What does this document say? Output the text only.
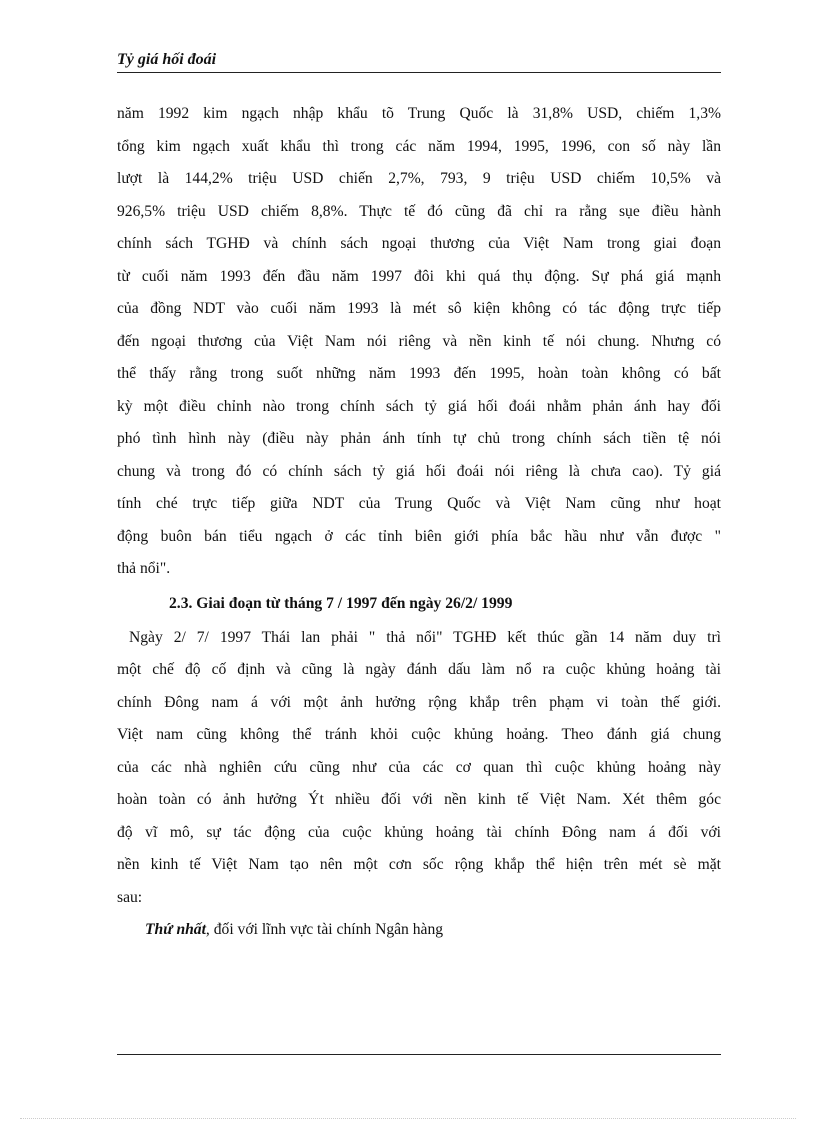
Tỷ giá hối đoái
năm 1992 kim ngạch nhập khẩu tõ Trung Quốc là 31,8% USD, chiếm 1,3%
tổng kim ngạch xuất khẩu thì trong các năm 1994, 1995, 1996, con số này lần
lượt là 144,2% triệu USD chiến 2,7%, 793, 9 triệu USD chiếm 10,5% và
926,5% triệu USD chiếm 8,8%. Thực tế đó cũng đã chỉ ra rằng sụe điều hành
chính sách TGHĐ và chính sách ngoại thương của Việt Nam trong giai đoạn
từ cuối năm 1993 đến đầu năm 1997 đôi khi quá thụ động. Sự phá giá mạnh
của đồng NDT vào cuối năm 1993 là mét sô kiện không có tác động trực tiếp
đến ngoại thương của Việt Nam nói riêng và nền kinh tế nói chung. Nhưng có
thể thấy rằng trong suốt những năm 1993 đến 1995, hoàn toàn không có bất
kỳ một điều chỉnh nào trong chính sách tỷ giá hối đoái nhằm phản ánh hay đối
phó tình hình này (điều này phản ánh tính tự chủ trong chính sách tiền tệ nói
chung và trong đó có chính sách tỷ giá hối đoái nói riêng là chưa cao). Tỷ giá
tính ché trực tiếp giữa NDT của Trung Quốc và Việt Nam cũng như hoạt
động buôn bán tiểu ngạch ở các tỉnh biên giới phía bắc hầu như vẫn được "
thả nổi".
2.3. Giai đoạn từ tháng 7 / 1997 đến ngày 26/2/ 1999
Ngày 2/ 7/ 1997 Thái lan phải " thả nổi" TGHĐ kết thúc gần 14 năm duy trì
một chế độ cố định và cũng là ngày đánh dấu làm nổ ra cuộc khủng hoảng tài
chính Đông nam á với một ảnh hưởng rộng khắp trên phạm vi toàn thế giới.
Việt nam cũng không thể tránh khỏi cuộc khủng hoảng. Theo đánh giá chung
của các nhà nghiên cứu cũng như của các cơ quan thì cuộc khủng hoảng này
hoàn toàn có ảnh hưởng Ýt nhiều đối với nền kinh tế Việt Nam. Xét thêm góc
độ vĩ mô, sự tác động của cuộc khủng hoảng tài chính Đông nam á đối với
nền kinh tế Việt Nam tạo nên một cơn sốc rộng khắp thể hiện trên mét sè mặt
sau:
Thứ nhất, đối với lĩnh vực tài chính Ngân hàng
